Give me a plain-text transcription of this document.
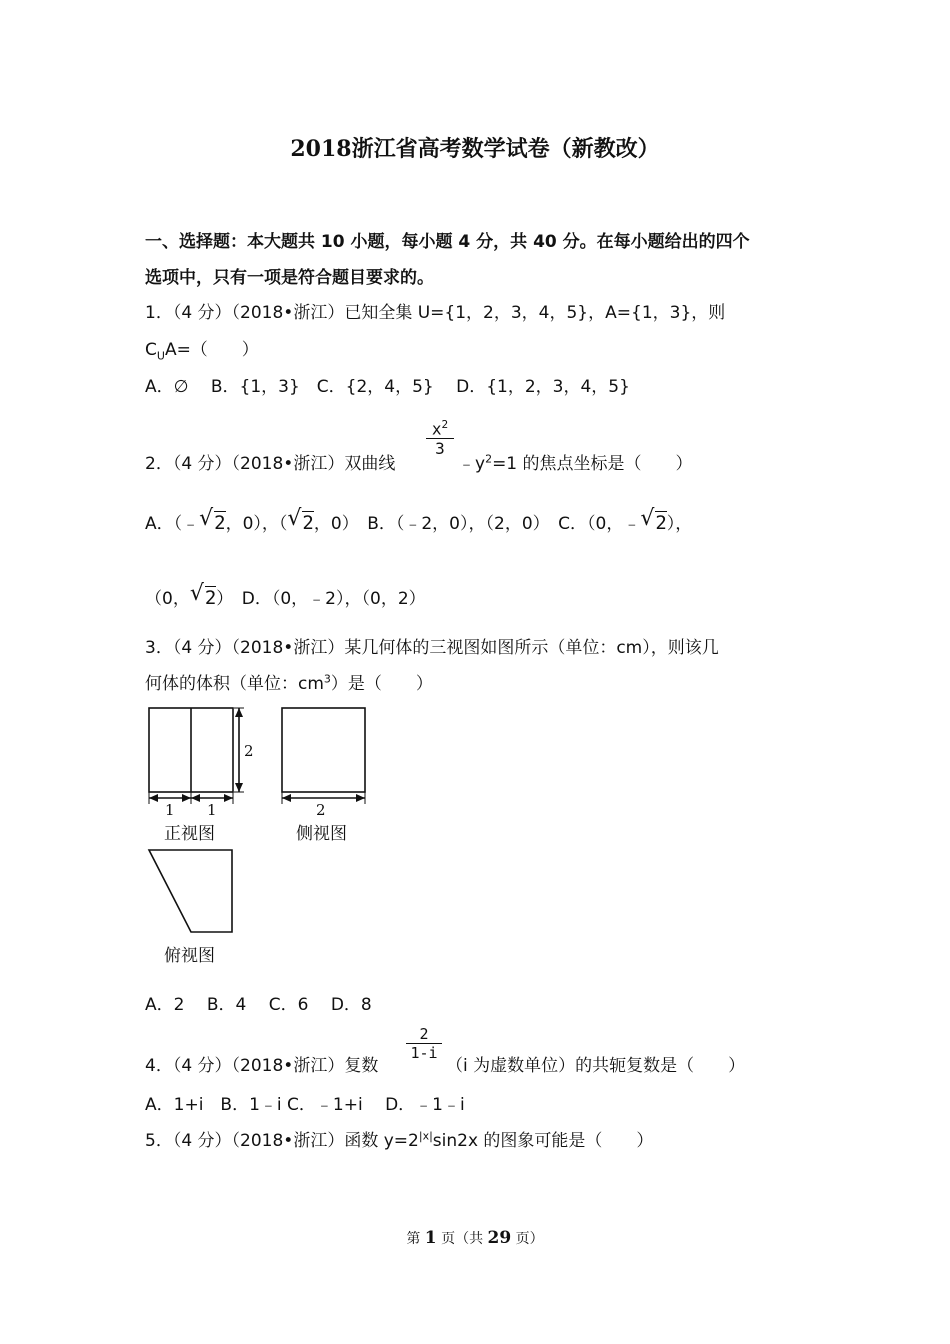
2018浙江省高考数学试卷（新教改）
一、选择题：本大题共 10 小题，每小题 4 分，共 40 分。在每小题给出的四个
选项中，只有一项是符合题目要求的。
1．（4 分）（2018•浙江）已知全集 U={1，2，3，4，5}，A={1，3}，则
$C_UA=$（　　）
A．∅　 B．{1，3}　C．{2，4，5}　 D．{1，2，3，4，5}
2．（4 分）（2018•浙江）双曲线
$x^2$
3
$﹣y^2=1$ 的焦点坐标是（　　）
A．（﹣ √ 2，0），（ √ 2，0）　 B．（﹣2，0），（2，0）　 C．（0，﹣ √ 2），
（0， √ 2）　 D．（0，﹣2），（0，2）
3．（4 分）（2018•浙江）某几何体的三视图如图所示（单位：cm），则该几
何体的体积（单位：$cm^3$）是（　　）
2
1 1	2
正视图	侧视图
俯视图
A．2　 B．4　 C．6　 D．8
4．（4 分）（2018•浙江）复数
2
1-i
（i 为虚数单位）的共轭复数是（　　）
A．1+i　B．1﹣i C．﹣1+i　 D．﹣1﹣i
5．（4 分）（2018•浙江）函数 $y=2^{|x|}\sin 2x$ 的图象可能是（　　）
第 1 页（共 29 页）
